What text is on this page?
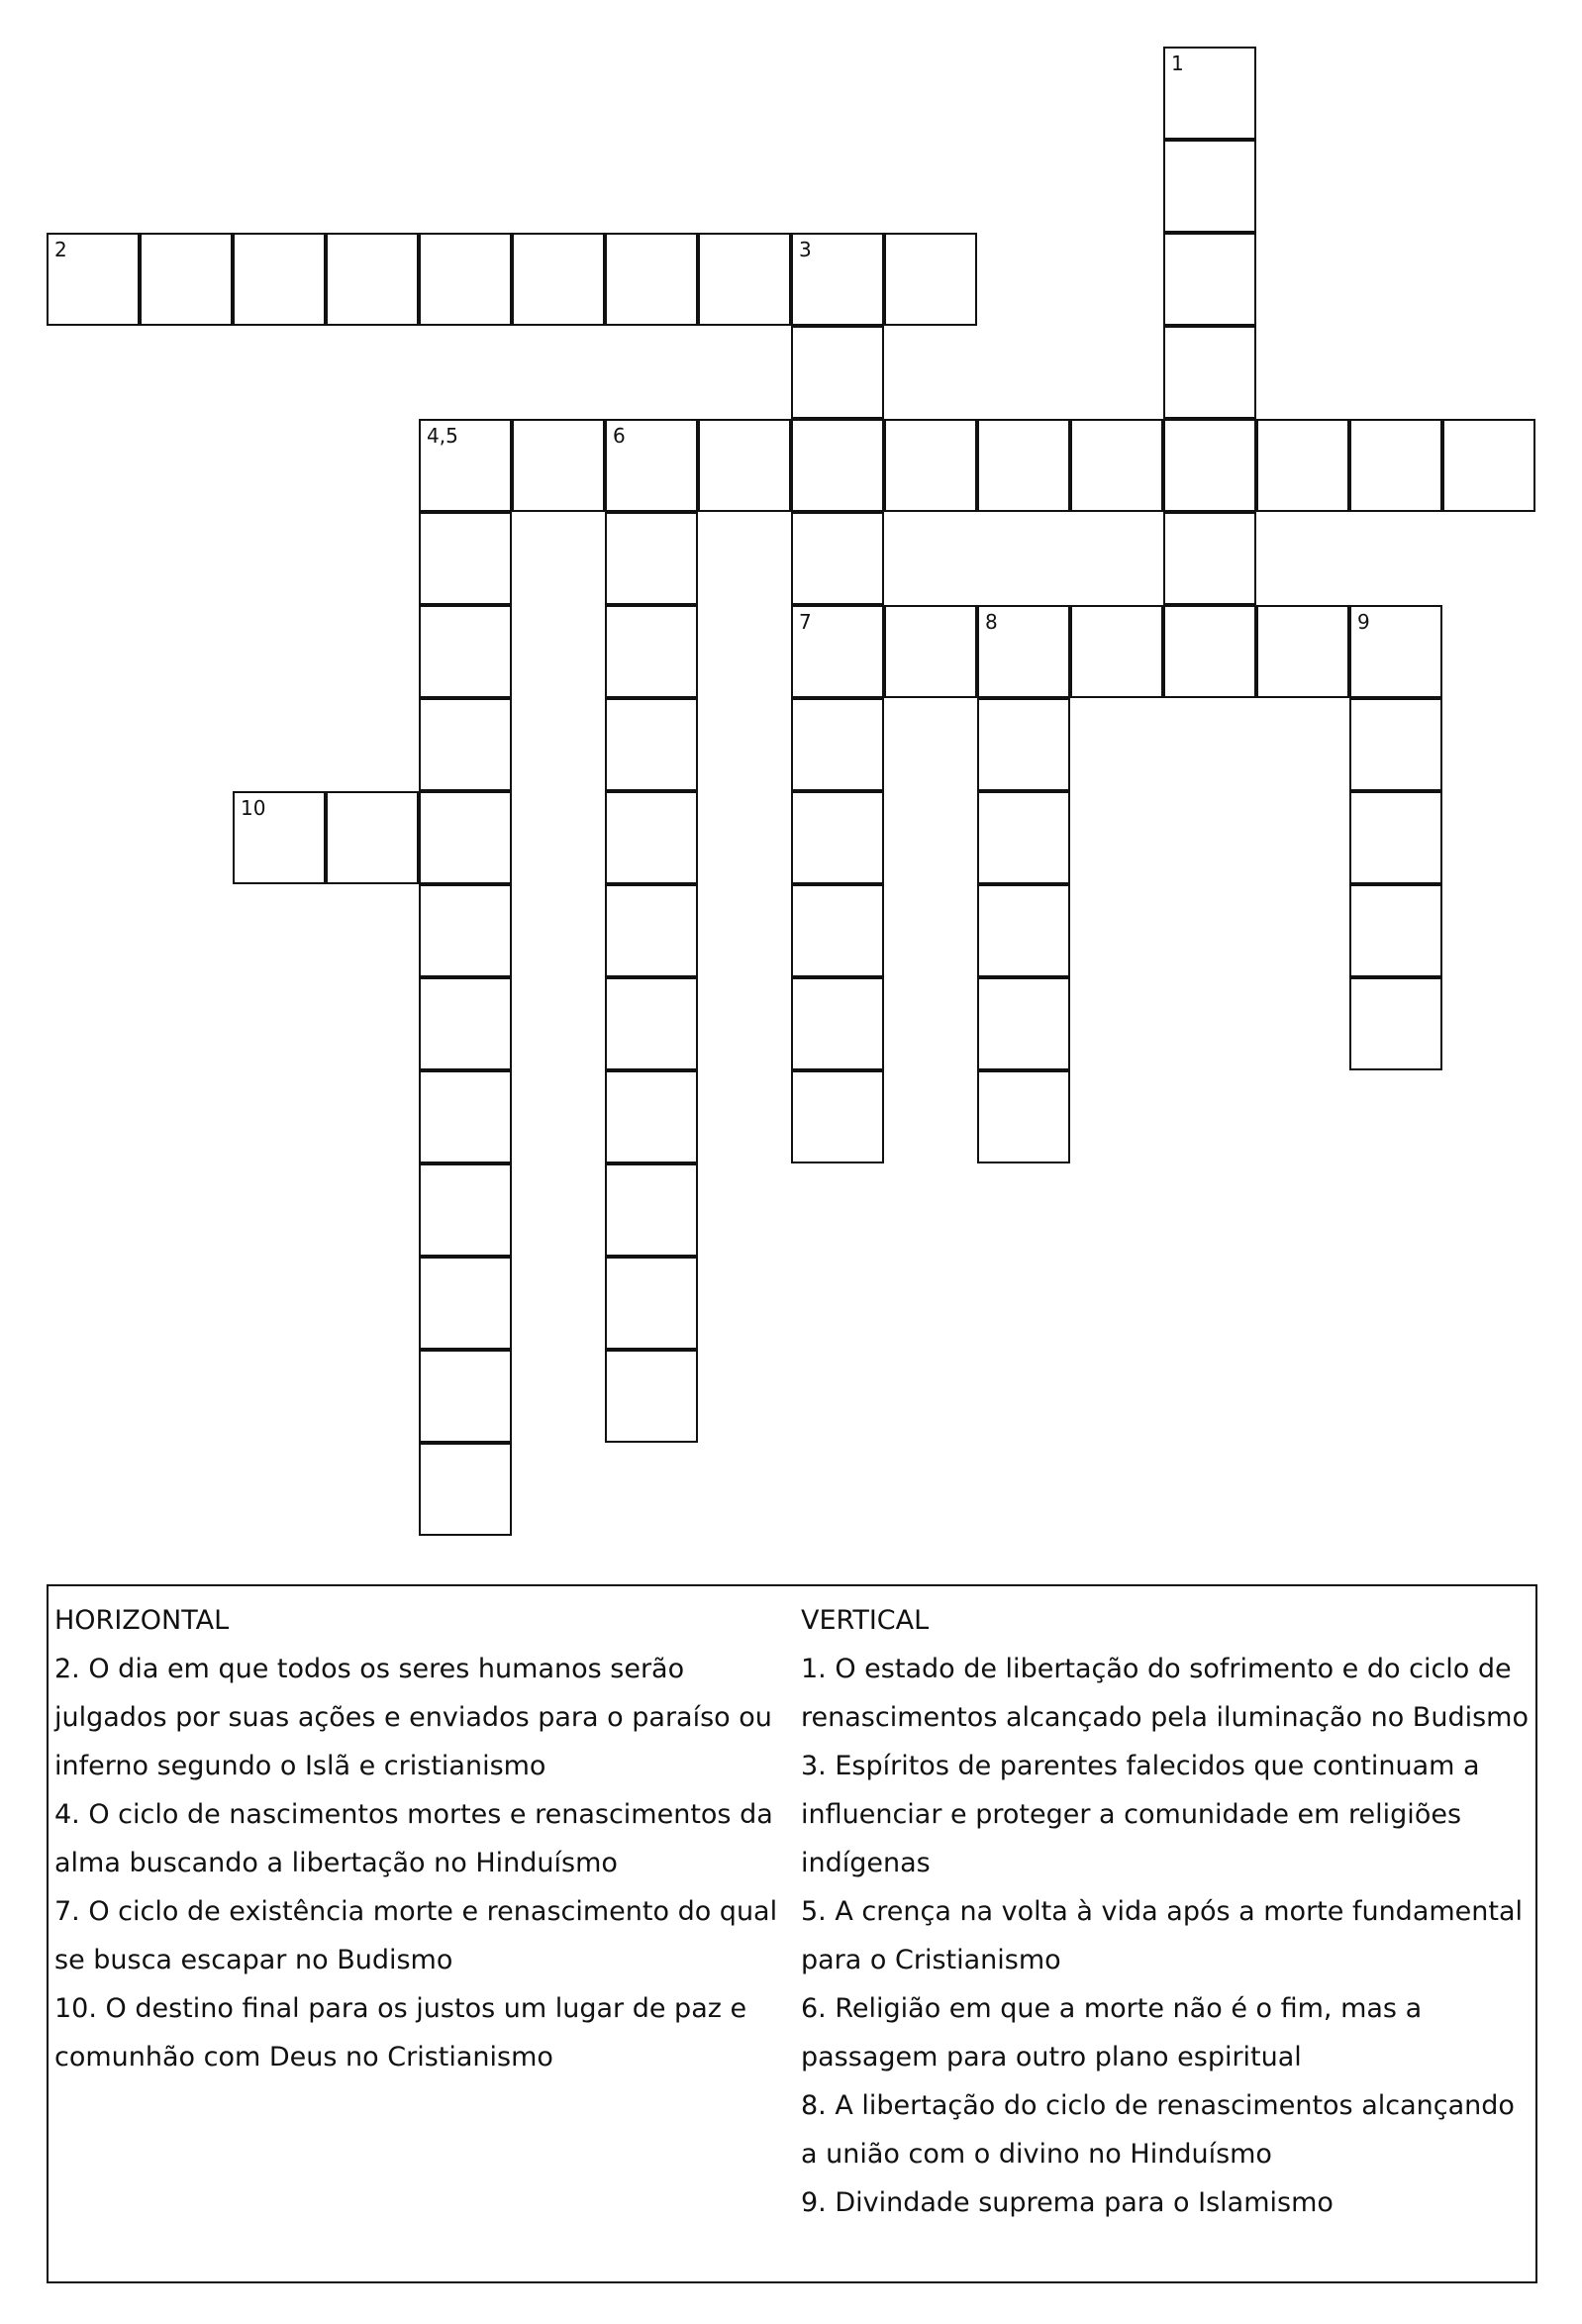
1
2	3
4,5	6
7	8	9
10
HORIZONTAL

2. O dia em que todos os seres humanos serão julgados por suas ações e enviados para o paraíso ou inferno segundo o Islã e cristianismo

4. O ciclo de nascimentos mortes e renascimentos da alma buscando a libertação no Hinduísmo

7. O ciclo de existência morte e renascimento do qual se busca escapar no Budismo

10. O destino final para os justos um lugar de paz e comunhão com Deus no Cristianismo

VERTICAL

1. O estado de libertação do sofrimento e do ciclo de renascimentos alcançado pela iluminação no Budismo

3. Espíritos de parentes falecidos que continuam a influenciar e proteger a comunidade em religiões indígenas

5. A crença na volta à vida após a morte fundamental para o Cristianismo

6. Religião em que a morte não é o fim, mas a passagem para outro plano espiritual

8. A libertação do ciclo de renascimentos alcançando a união com o divino no Hinduísmo

9. Divindade suprema para o Islamismo
